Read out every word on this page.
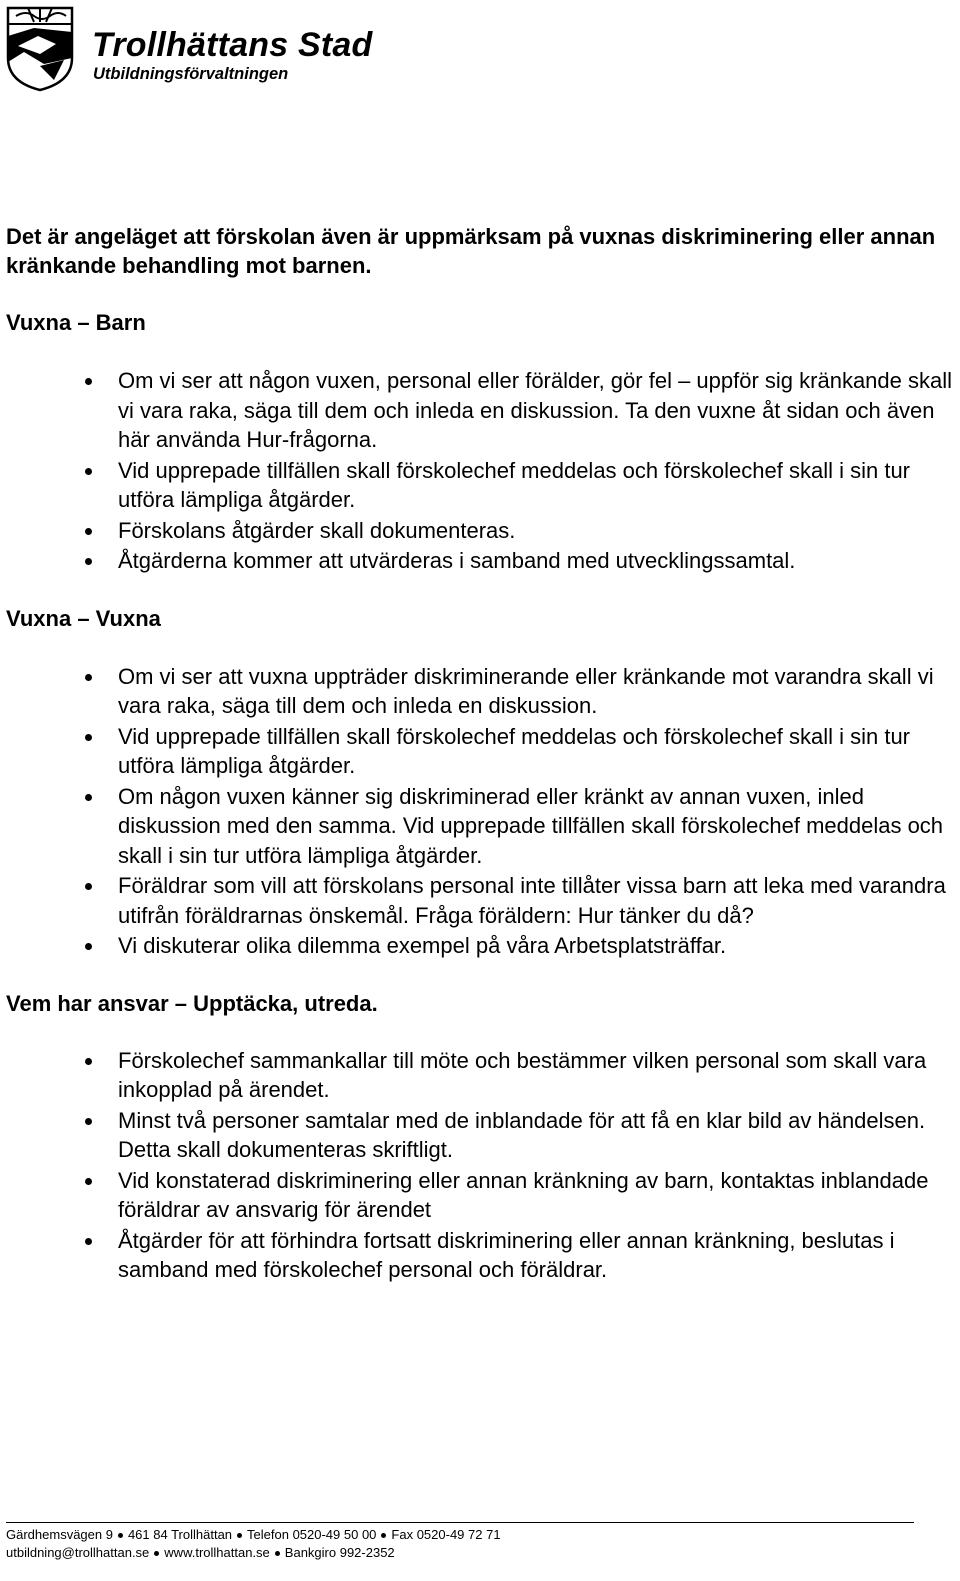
Trollhättans Stad
Utbildningsförvaltningen

Det är angeläget att förskolan även är uppmärksam på vuxnas diskriminering eller annan kränkande behandling mot barnen.

Vuxna – Barn
Om vi ser att någon vuxen, personal eller förälder, gör fel – uppför sig kränkande skall vi vara raka, säga till dem och inleda en diskussion. Ta den vuxne åt sidan och även här använda Hur-frågorna.
Vid upprepade tillfällen skall förskolechef meddelas och förskolechef skall i sin tur utföra lämpliga åtgärder.
Förskolans åtgärder skall dokumenteras.
Åtgärderna kommer att utvärderas i samband med utvecklingssamtal.
Vuxna – Vuxna
Om vi ser att vuxna uppträder diskriminerande eller kränkande mot varandra skall vi vara raka, säga till dem och inleda en diskussion.
Vid upprepade tillfällen skall förskolechef meddelas och förskolechef skall i sin tur utföra lämpliga åtgärder.
Om någon vuxen känner sig diskriminerad eller kränkt av annan vuxen, inled diskussion med den samma. Vid upprepade tillfällen skall förskolechef meddelas och skall i sin tur utföra lämpliga åtgärder.
Föräldrar som vill att förskolans personal inte tillåter vissa barn att leka med varandra utifrån föräldrarnas önskemål. Fråga föräldern: Hur tänker du då?
Vi diskuterar olika dilemma exempel på våra Arbetsplatsträffar.
Vem har ansvar – Upptäcka, utreda.
Förskolechef sammankallar till möte och bestämmer vilken personal som skall vara inkopplad på ärendet.
Minst två personer samtalar med de inblandade för att få en klar bild av händelsen. Detta skall dokumenteras skriftligt.
Vid konstaterad diskriminering eller annan kränkning av barn, kontaktas inblandade föräldrar av ansvarig för ärendet
Åtgärder för att förhindra fortsatt diskriminering eller annan kränkning, beslutas i samband med förskolechef personal och föräldrar.
Gärdhemsvägen 9 461 84 Trollhättan Telefon 0520-49 50 00 Fax 0520-49 72 71
utbildning@trollhattan.se www.trollhattan.se Bankgiro 992-2352
